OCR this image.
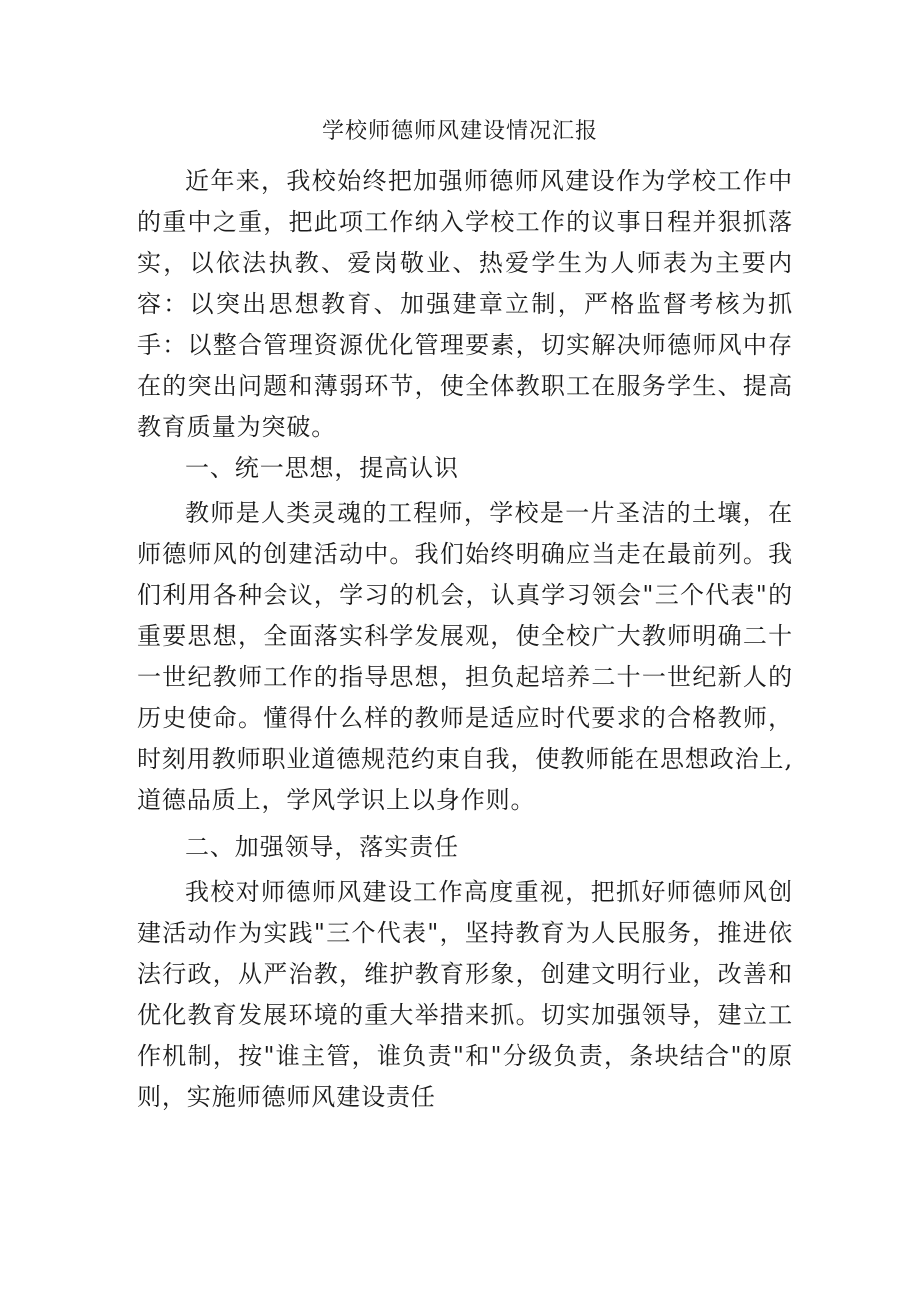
学校师德师风建设情况汇报

近年来，我校始终把加强师德师风建设作为学校工作中的重中之重，把此项工作纳入学校工作的议事日程并狠抓落实，以依法执教、爱岗敬业、热爱学生为人师表为主要内容：以突出思想教育、加强建章立制，严格监督考核为抓手：以整合管理资源优化管理要素，切实解决师德师风中存在的突出问题和薄弱环节，使全体教职工在服务学生、提高教育质量为突破。

一、统一思想，提高认识

教师是人类灵魂的工程师，学校是一片圣洁的土壤，在师德师风的创建活动中。我们始终明确应当走在最前列。我们利用各种会议，学习的机会，认真学习领会"三个代表"的重要思想，全面落实科学发展观，使全校广大教师明确二十一世纪教师工作的指导思想，担负起培养二十一世纪新人的历史使命。懂得什么样的教师是适应时代要求的合格教师，时刻用教师职业道德规范约束自我，使教师能在思想政治上,道德品质上，学风学识上以身作则。

二、加强领导，落实责任

我校对师德师风建设工作高度重视，把抓好师德师风创建活动作为实践"三个代表"，坚持教育为人民服务，推进依法行政，从严治教，维护教育形象，创建文明行业，改善和优化教育发展环境的重大举措来抓。切实加强领导，建立工作机制，按"谁主管，谁负责"和"分级负责，条块结合"的原则，实施师德师风建设责任
